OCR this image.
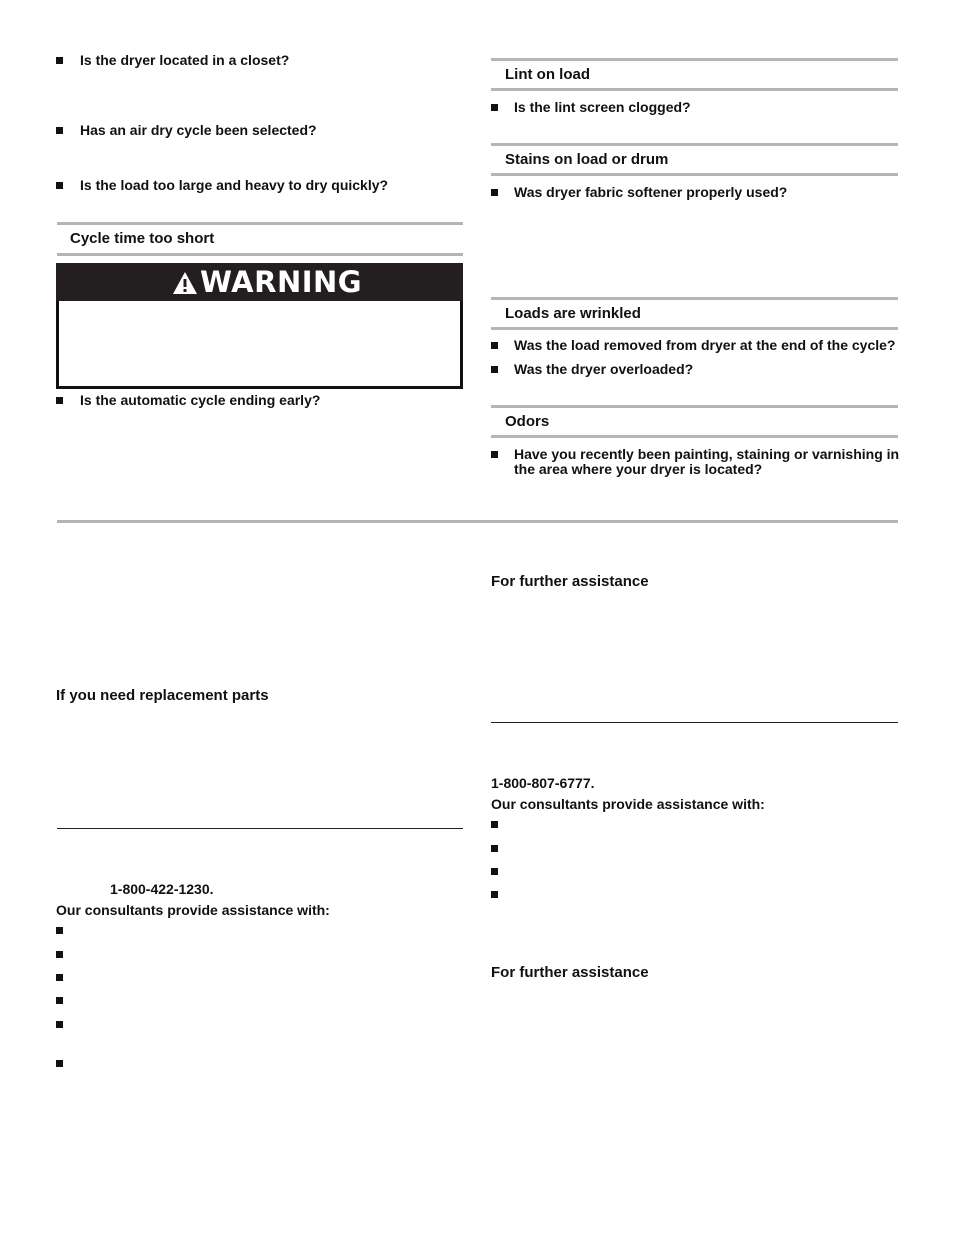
Is the dryer located in a closet?
Has an air dry cycle been selected?
Is the load too large and heavy to dry quickly?
Cycle time too short
WARNING
Is the automatic cycle ending early?
Lint on load
Is the lint screen clogged?
Stains on load or drum
Was dryer fabric softener properly used?
Loads are wrinkled
Was the load removed from dryer at the end of the cycle?
Was the dryer overloaded?
Odors
Have you recently been painting, staining or varnishing in the area where your dryer is located?
If you need replacement parts
1-800-422-1230.
Our consultants provide assistance with:
For further assistance
1-800-807-6777.
Our consultants provide assistance with:
For further assistance
